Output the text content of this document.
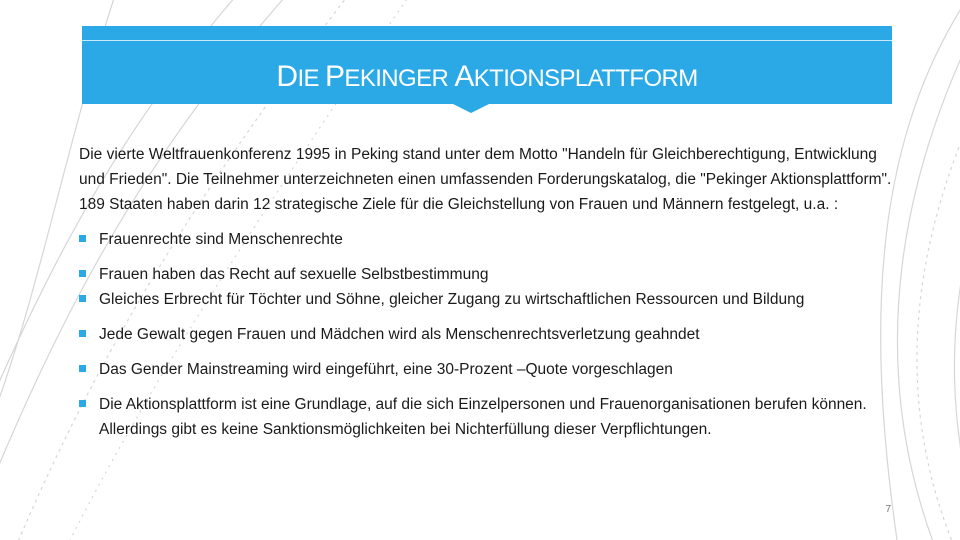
DIE PEKINGER AKTIONSPLATTFORM

Die vierte Weltfrauenkonferenz 1995 in Peking stand unter dem Motto "Handeln für Gleichberechtigung, Entwicklung und Frieden". Die Teilnehmer unterzeichneten einen umfassenden Forderungskatalog, die "Pekinger Aktionsplattform". 189 Staaten haben darin 12 strategische Ziele für die Gleichstellung von Frauen und Männern festgelegt, u.a. :

Frauenrechte sind Menschenrechte
Frauen haben das Recht auf sexuelle Selbstbestimmung
Gleiches Erbrecht für Töchter und Söhne, gleicher Zugang zu wirtschaftlichen Ressourcen und Bildung
Jede Gewalt gegen Frauen und Mädchen wird als Menschenrechtsverletzung geahndet
Das Gender Mainstreaming wird eingeführt, eine 30-Prozent –Quote vorgeschlagen
Die Aktionsplattform ist eine Grundlage, auf die sich Einzelpersonen und Frauenorganisationen berufen können. Allerdings gibt es keine Sanktionsmöglichkeiten bei Nichterfüllung dieser Verpflichtungen.
7
